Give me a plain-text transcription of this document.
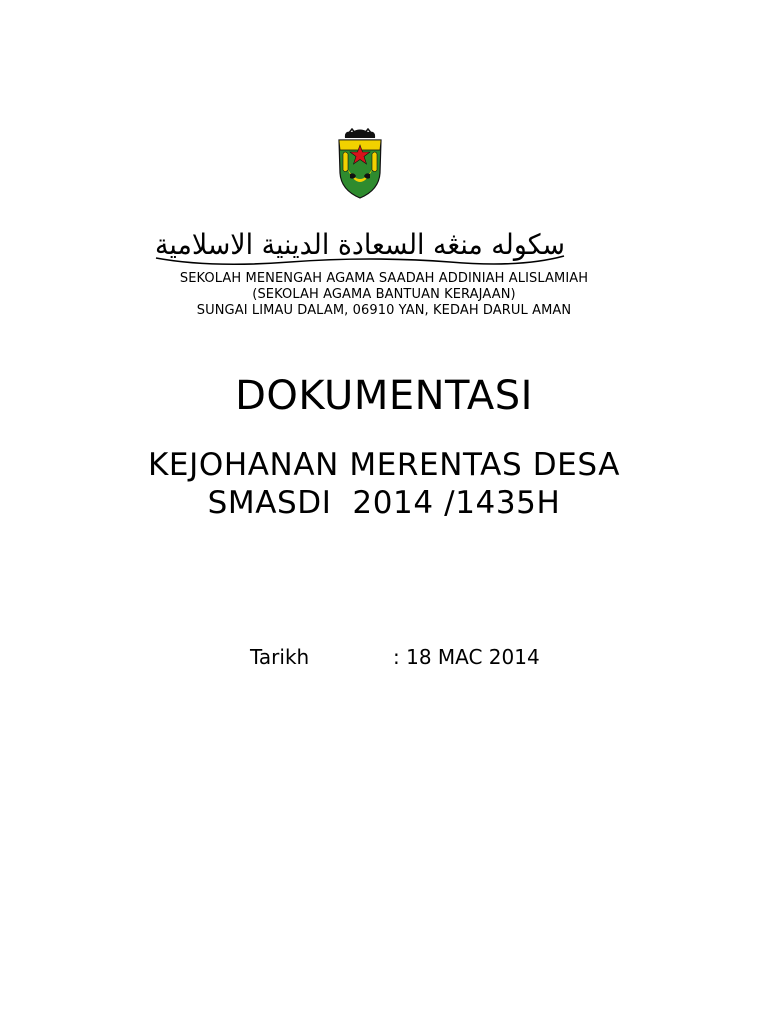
سكوله منڠه السعادة الدينية الاسلامية
SEKOLAH MENENGAH AGAMA SAADAH ADDINIAH ALISLAMIAH
(SEKOLAH AGAMA BANTUAN KERAJAAN)
SUNGAI LIMAU DALAM, 06910 YAN, KEDAH DARUL AMAN
DOKUMENTASI
KEJOHANAN MERENTAS DESA
SMASDI  2014 /1435H
Tarikh	: 18 MAC 2014
